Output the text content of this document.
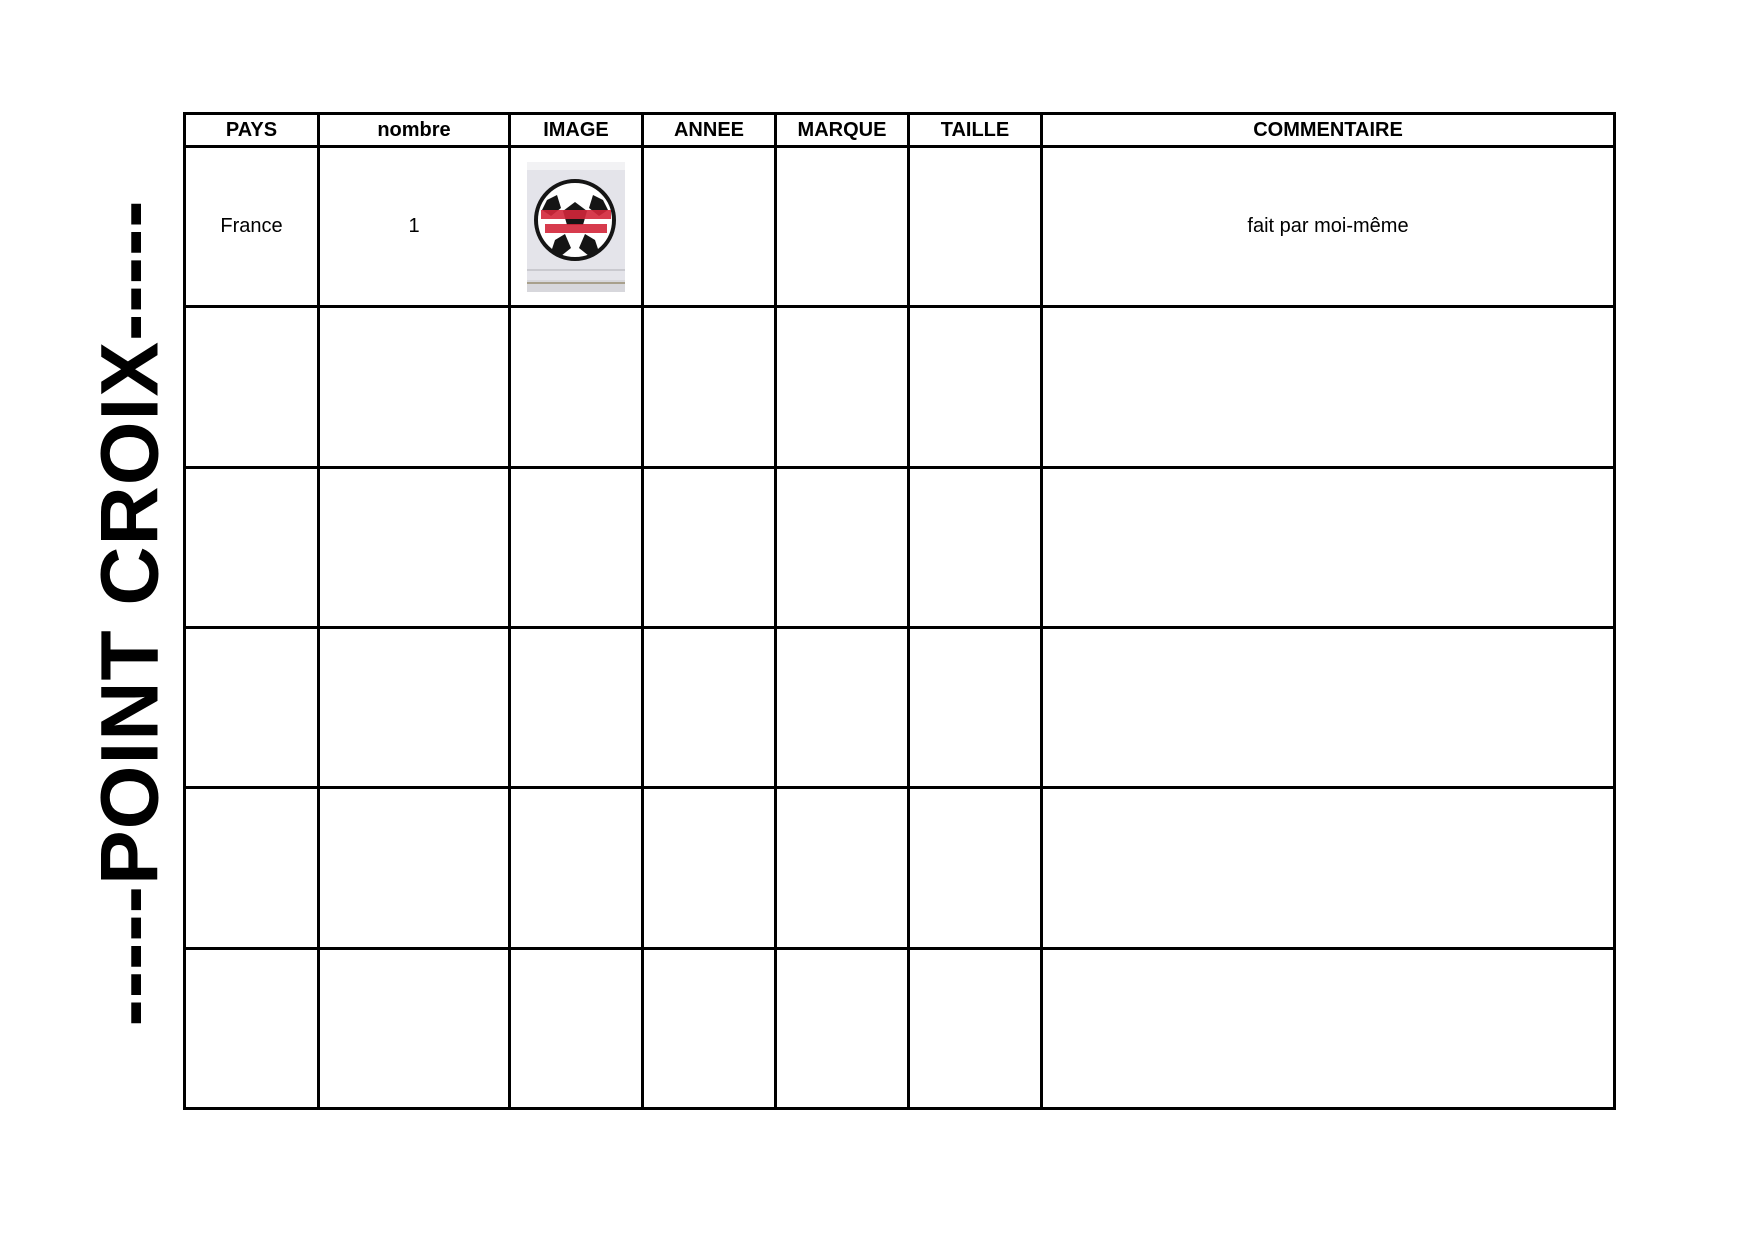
-----POINT CROIX-----
PAYS	nombre	IMAGE	ANNEE	MARQUE	TAILLE	COMMENTAIRE
France	1					fait par moi-même
